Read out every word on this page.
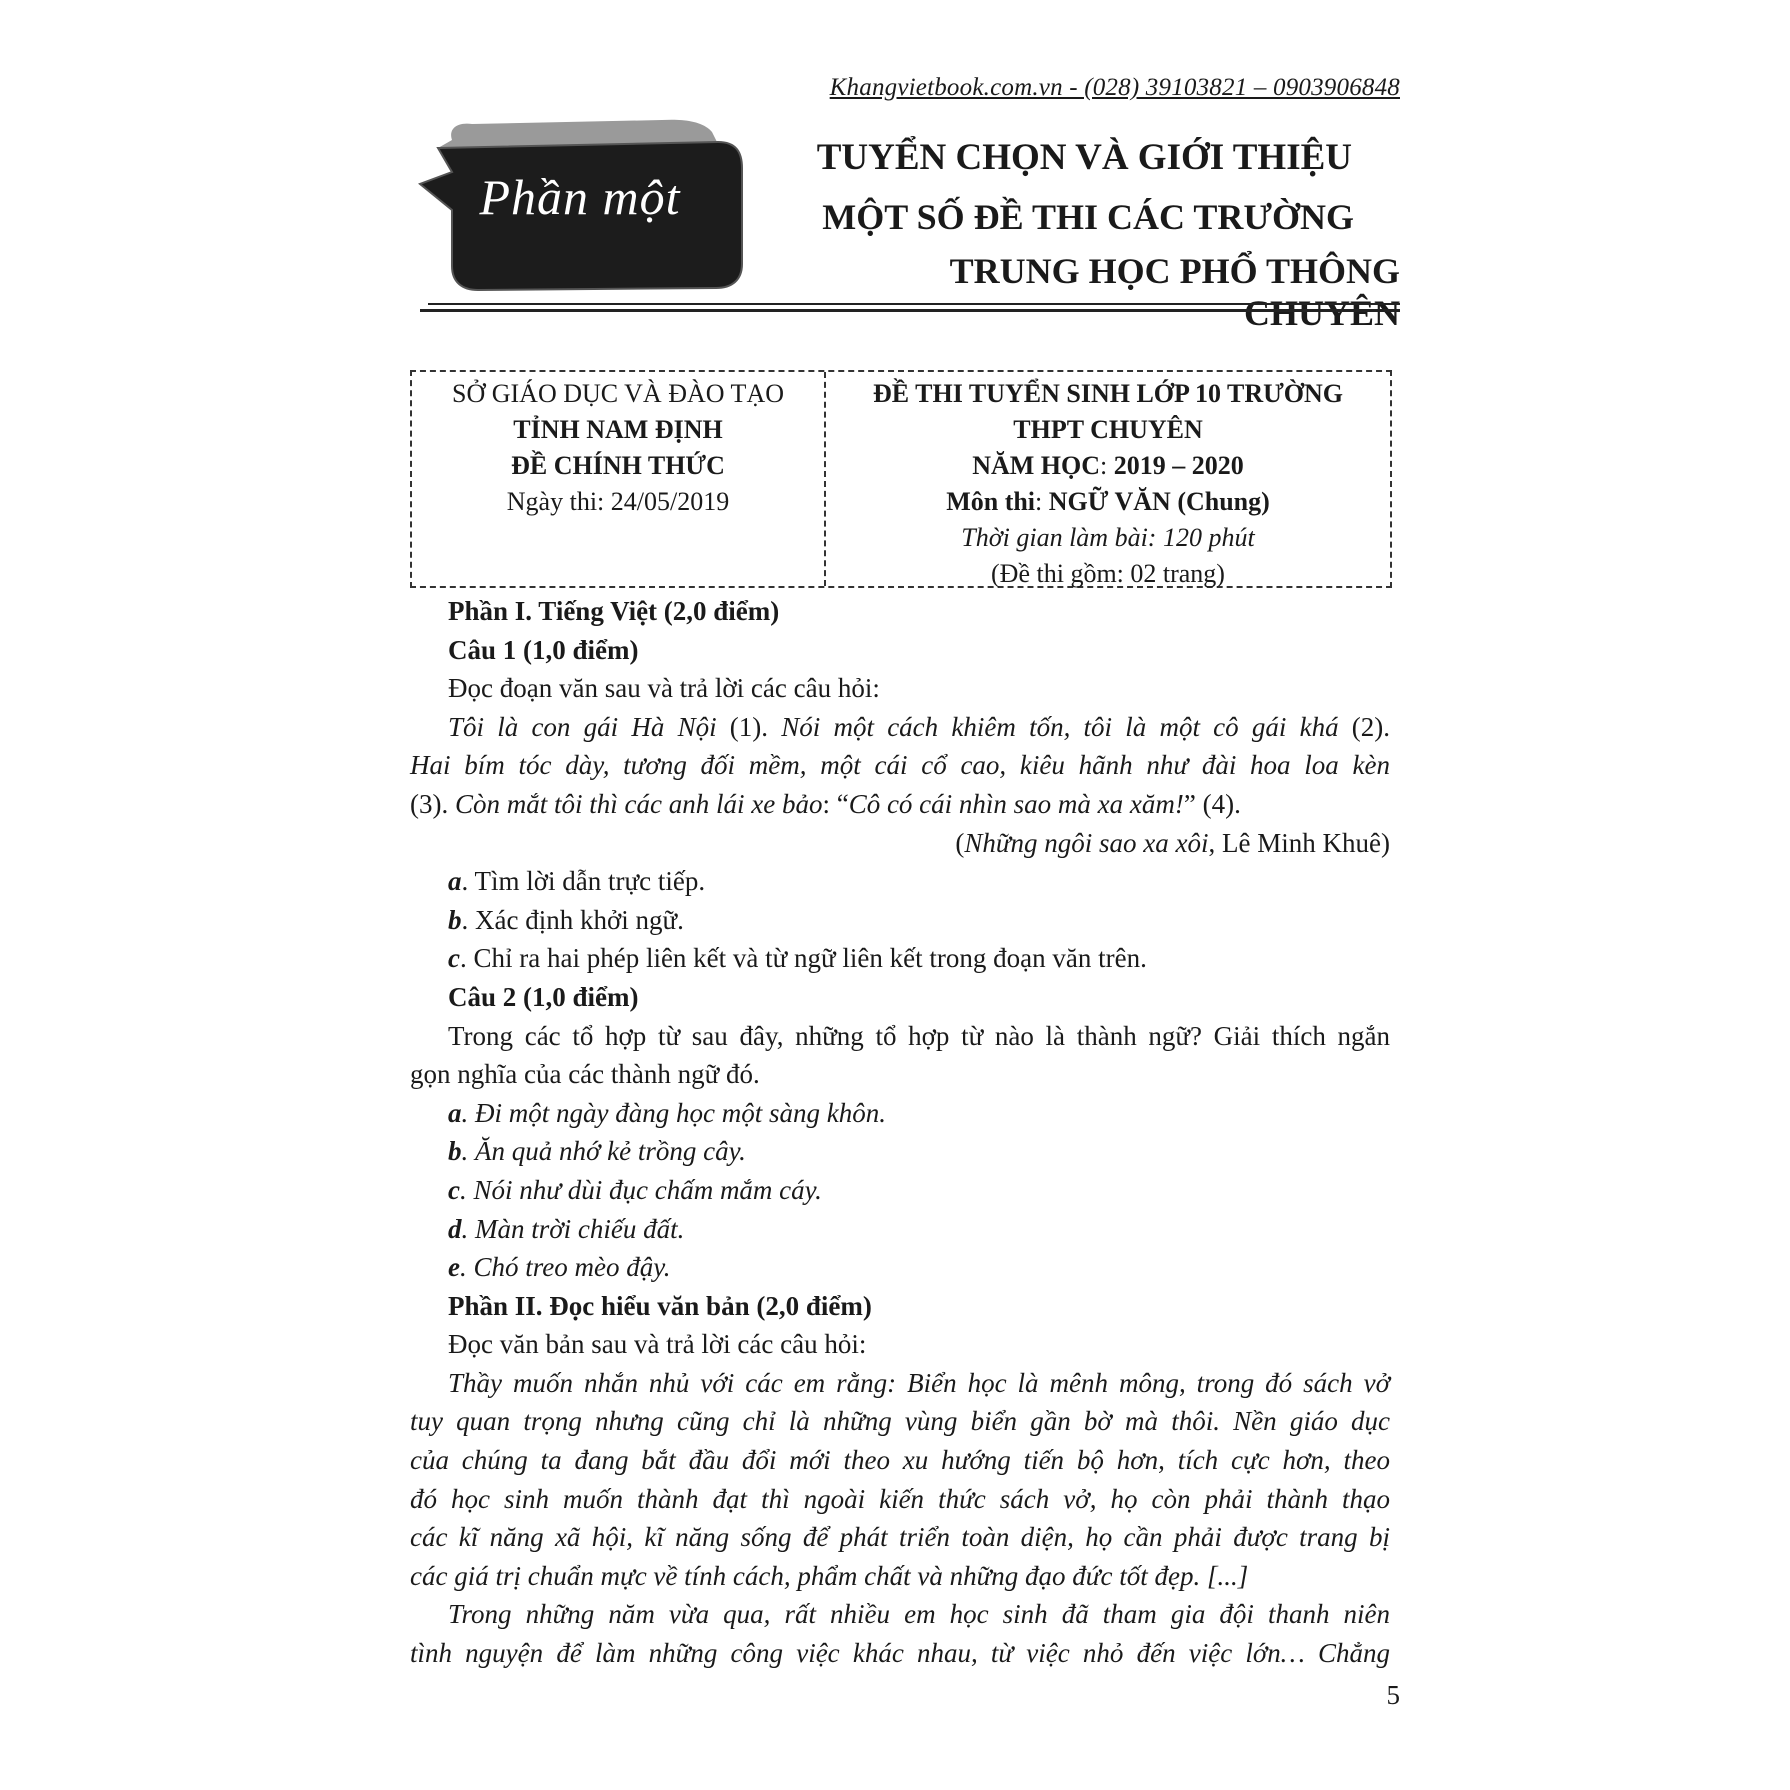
Khangvietbook.com.vn - (028) 39103821 – 0903906848
Phần một
TUYỂN CHỌN VÀ GIỚI THIỆU
MỘT SỐ ĐỀ THI CÁC TRƯỜNG
TRUNG HỌC PHỔ THÔNG CHUYÊN
SỞ GIÁO DỤC VÀ ĐÀO TẠO
TỈNH NAM ĐỊNH
ĐỀ CHÍNH THỨC
Ngày thi: 24/05/2019
ĐỀ THI TUYỂN SINH LỚP 10 TRƯỜNG
THPT CHUYÊN
NĂM HỌC: 2019 – 2020
Môn thi: NGỮ VĂN (Chung)
Thời gian làm bài: 120 phút
(Đề thi gồm: 02 trang)

Phần I. Tiếng Việt (2,0 điểm)

Câu 1 (1,0 điểm)

Đọc đoạn văn sau và trả lời các câu hỏi:

Tôi là con gái Hà Nội (1). Nói một cách khiêm tốn, tôi là một cô gái khá (2).

Hai bím tóc dày, tương đối mềm, một cái cổ cao, kiêu hãnh như đài hoa loa kèn

(3). Còn mắt tôi thì các anh lái xe bảo: “Cô có cái nhìn sao mà xa xăm!” (4).

(Những ngôi sao xa xôi, Lê Minh Khuê)

a. Tìm lời dẫn trực tiếp.

b. Xác định khởi ngữ.

c. Chỉ ra hai phép liên kết và từ ngữ liên kết trong đoạn văn trên.

Câu 2 (1,0 điểm)

Trong các tổ hợp từ sau đây, những tổ hợp từ nào là thành ngữ? Giải thích ngắn

gọn nghĩa của các thành ngữ đó.

a. Đi một ngày đàng học một sàng khôn.

b. Ăn quả nhớ kẻ trồng cây.

c. Nói như dùi đục chấm mắm cáy.

d. Màn trời chiếu đất.

e. Chó treo mèo đậy.

Phần II. Đọc hiểu văn bản (2,0 điểm)

Đọc văn bản sau và trả lời các câu hỏi:

Thầy muốn nhắn nhủ với các em rằng: Biển học là mênh mông, trong đó sách vở

tuy quan trọng nhưng cũng chỉ là những vùng biển gần bờ mà thôi. Nền giáo dục

của chúng ta đang bắt đầu đổi mới theo xu hướng tiến bộ hơn, tích cực hơn, theo

đó học sinh muốn thành đạt thì ngoài kiến thức sách vở, họ còn phải thành thạo

các kĩ năng xã hội, kĩ năng sống để phát triển toàn diện, họ cần phải được trang bị

các giá trị chuẩn mực về tính cách, phẩm chất và những đạo đức tốt đẹp. [...]

Trong những năm vừa qua, rất nhiều em học sinh đã tham gia đội thanh niên

tình nguyện để làm những công việc khác nhau, từ việc nhỏ đến việc lớn… Chẳng

5
